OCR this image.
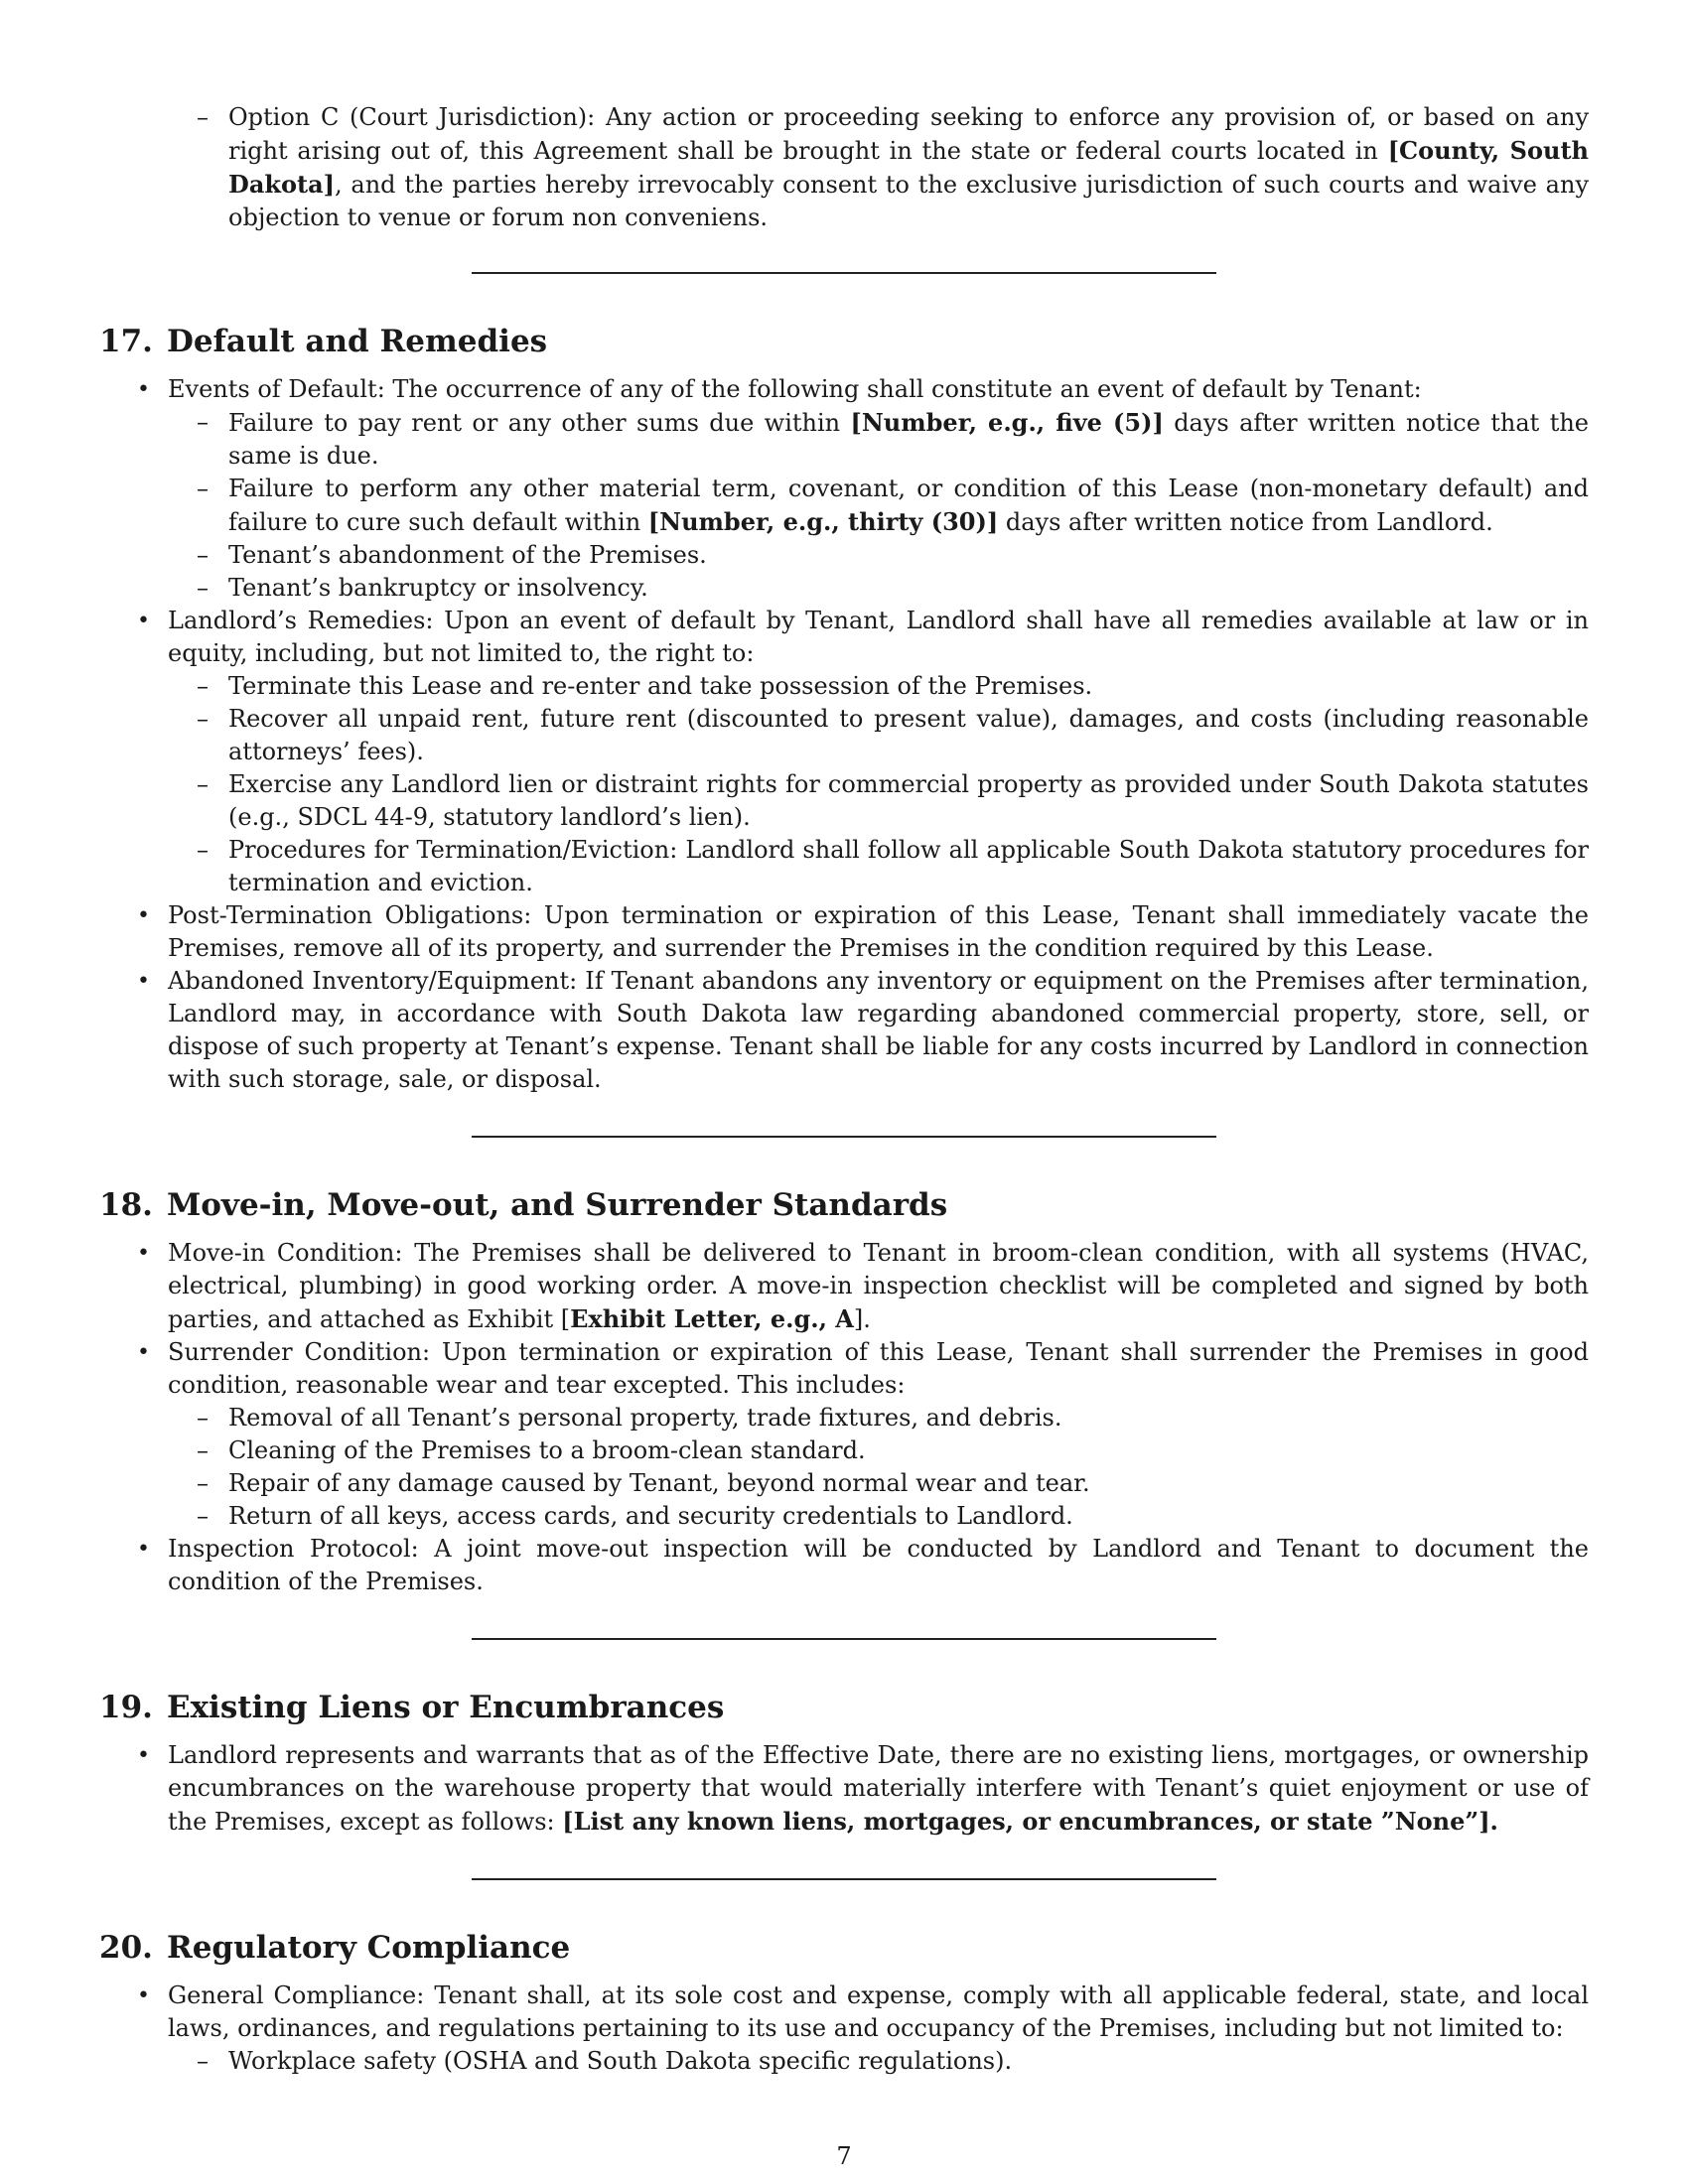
– Option C (Court Jurisdiction): Any action or proceeding seeking to enforce any provision of, or based on any right arising out of, this Agreement shall be brought in the state or federal courts located in [County, South Dakota], and the parties hereby irrevocably consent to the exclusive jurisdiction of such courts and waive any objection to venue or forum non conveniens.
17. Default and Remedies
• Events of Default: The occurrence of any of the following shall constitute an event of default by Tenant:
– Failure to pay rent or any other sums due within [Number, e.g., five (5)] days after written notice that the same is due.
– Failure to perform any other material term, covenant, or condition of this Lease (non-monetary default) and failure to cure such default within [Number, e.g., thirty (30)] days after written notice from Landlord.
– Tenant’s abandonment of the Premises.
– Tenant’s bankruptcy or insolvency.
• Landlord’s Remedies: Upon an event of default by Tenant, Landlord shall have all remedies available at law or in equity, including, but not limited to, the right to:
– Terminate this Lease and re-enter and take possession of the Premises.
– Recover all unpaid rent, future rent (discounted to present value), damages, and costs (including reasonable attorneys’ fees).
– Exercise any Landlord lien or distraint rights for commercial property as provided under South Dakota statutes (e.g., SDCL 44-9, statutory landlord’s lien).
– Procedures for Termination/Eviction: Landlord shall follow all applicable South Dakota statutory procedures for termination and eviction.
• Post-Termination Obligations: Upon termination or expiration of this Lease, Tenant shall immediately vacate the Premises, remove all of its property, and surrender the Premises in the condition required by this Lease.
• Abandoned Inventory/Equipment: If Tenant abandons any inventory or equipment on the Premises after termination, Landlord may, in accordance with South Dakota law regarding abandoned commercial property, store, sell, or dispose of such property at Tenant’s expense. Tenant shall be liable for any costs incurred by Landlord in connection with such storage, sale, or disposal.
18. Move-in, Move-out, and Surrender Standards
• Move-in Condition: The Premises shall be delivered to Tenant in broom-clean condition, with all systems (HVAC, electrical, plumbing) in good working order. A move-in inspection checklist will be completed and signed by both parties, and attached as Exhibit [Exhibit Letter, e.g., A].
• Surrender Condition: Upon termination or expiration of this Lease, Tenant shall surrender the Premises in good condition, reasonable wear and tear excepted. This includes:
– Removal of all Tenant’s personal property, trade fixtures, and debris.
– Cleaning of the Premises to a broom-clean standard.
– Repair of any damage caused by Tenant, beyond normal wear and tear.
– Return of all keys, access cards, and security credentials to Landlord.
• Inspection Protocol: A joint move-out inspection will be conducted by Landlord and Tenant to document the condition of the Premises.
19. Existing Liens or Encumbrances
• Landlord represents and warrants that as of the Effective Date, there are no existing liens, mortgages, or ownership encumbrances on the warehouse property that would materially interfere with Tenant’s quiet enjoyment or use of the Premises, except as follows: [List any known liens, mortgages, or encumbrances, or state ”None”].
20. Regulatory Compliance
• General Compliance: Tenant shall, at its sole cost and expense, comply with all applicable federal, state, and local laws, ordinances, and regulations pertaining to its use and occupancy of the Premises, including but not limited to:
– Workplace safety (OSHA and South Dakota specific regulations).
7
